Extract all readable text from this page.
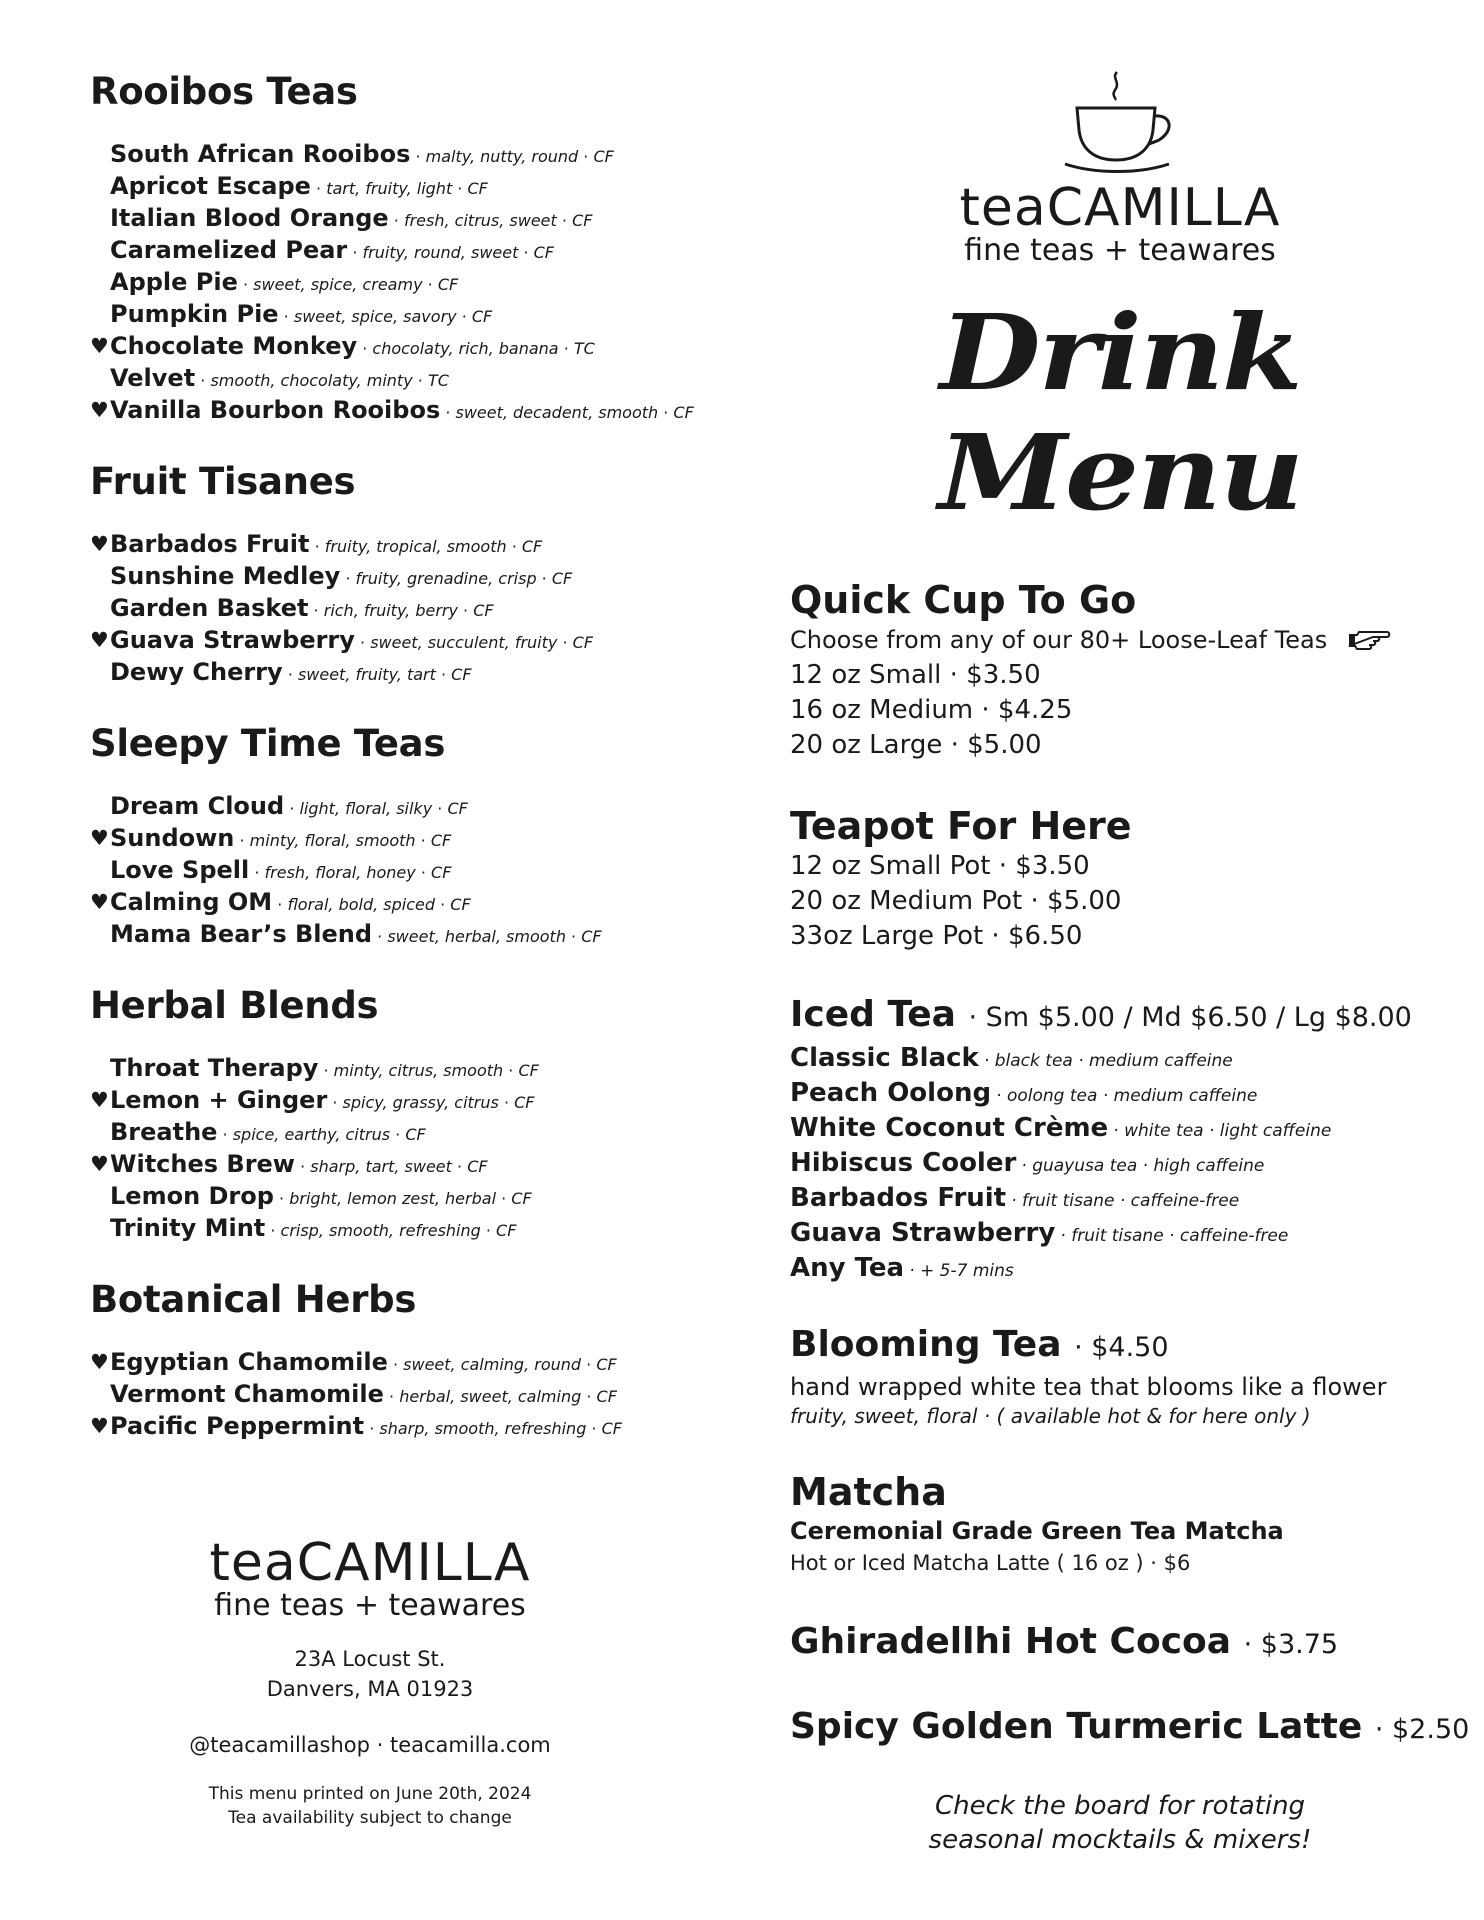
Rooibos Teas
South African Rooibos · malty, nutty, round · CF
Apricot Escape · tart, fruity, light · CF
Italian Blood Orange · fresh, citrus, sweet · CF
Caramelized Pear · fruity, round, sweet · CF
Apple Pie · sweet, spice, creamy · CF
Pumpkin Pie · sweet, spice, savory · CF
♥ Chocolate Monkey · chocolaty, rich, banana · TC
Velvet · smooth, chocolaty, minty · TC
♥ Vanilla Bourbon Rooibos · sweet, decadent, smooth · CF
Fruit Tisanes
♥ Barbados Fruit · fruity, tropical, smooth · CF
Sunshine Medley · fruity, grenadine, crisp · CF
Garden Basket · rich, fruity, berry · CF
♥ Guava Strawberry · sweet, succulent, fruity · CF
Dewy Cherry · sweet, fruity, tart · CF
Sleepy Time Teas
Dream Cloud · light, floral, silky · CF
♥ Sundown · minty, floral, smooth · CF
Love Spell · fresh, floral, honey · CF
♥ Calming OM · floral, bold, spiced · CF
Mama Bear’s Blend · sweet, herbal, smooth · CF
Herbal Blends
Throat Therapy · minty, citrus, smooth · CF
♥ Lemon + Ginger · spicy, grassy, citrus · CF
Breathe · spice, earthy, citrus · CF
♥ Witches Brew · sharp, tart, sweet · CF
Lemon Drop · bright, lemon zest, herbal · CF
Trinity Mint · crisp, smooth, refreshing · CF
Botanical Herbs
♥ Egyptian Chamomile · sweet, calming, round · CF
Vermont Chamomile · herbal, sweet, calming · CF
♥ Pacific Peppermint · sharp, smooth, refreshing · CF
teaCAMILLA
fine teas + teawares
Drink Menu
Quick Cup To Go
Choose from any of our 80+ Loose-Leaf Teas
12 oz Small · $3.50
16 oz Medium · $4.25
20 oz Large · $5.00
Teapot For Here
12 oz Small Pot · $3.50
20 oz Medium Pot · $5.00
33oz Large Pot · $6.50
Iced Tea · Sm $5.00 / Md $6.50 / Lg $8.00
Classic Black · black tea · medium caffeine
Peach Oolong · oolong tea · medium caffeine
White Coconut Crème · white tea · light caffeine
Hibiscus Cooler · guayusa tea · high caffeine
Barbados Fruit · fruit tisane · caffeine-free
Guava Strawberry · fruit tisane · caffeine-free
Any Tea · + 5-7 mins
Blooming Tea · $4.50
hand wrapped white tea that blooms like a flower
fruity, sweet, floral · ( available hot & for here only )
Matcha
Ceremonial Grade Green Tea Matcha
Hot or Iced Matcha Latte ( 16 oz ) · $6
Ghiradellhi Hot Cocoa · $3.75
Spicy Golden Turmeric Latte · $2.50
Check the board for rotating
seasonal mocktails & mixers!
teaCAMILLA
fine teas + teawares
23A Locust St.
Danvers, MA 01923
@teacamillashop · teacamilla.com
This menu printed on June 20th, 2024
Tea availability subject to change
